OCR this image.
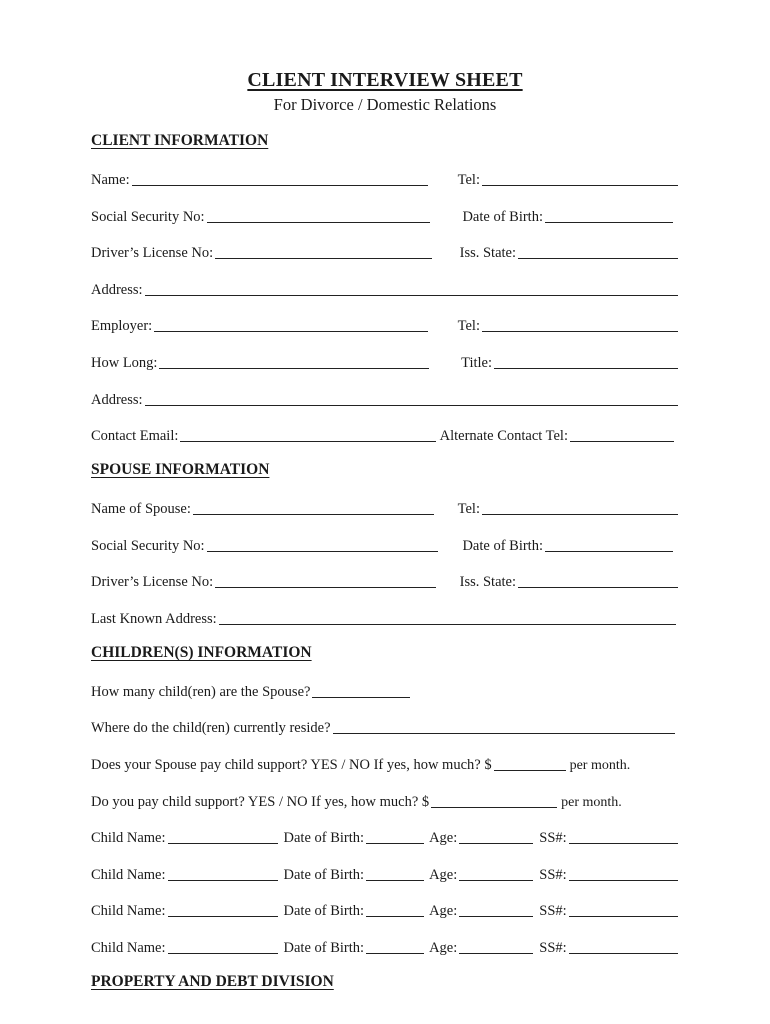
CLIENT INTERVIEW SHEET
For Divorce / Domestic Relations
CLIENT INFORMATION
Name:	Tel:
Social Security No:	Date of Birth:
Driver’s License No:	Iss. State:
Address:
Employer:	Tel:
How Long:	Title:
Address:
Contact Email:	Alternate Contact Tel:
SPOUSE INFORMATION
Name of Spouse:	Tel:
Social Security No:	Date of Birth:
Driver’s License No:	Iss. State:
Last Known Address:
CHILDREN(S) INFORMATION
How many child(ren) are the Spouse?
Where do the child(ren) currently reside?
Does your Spouse pay child support? YES / NO If yes, how much? $	per month.
Do you pay child support? YES / NO If yes, how much? $	per month.
Child Name:	Date of Birth:	Age:	SS#:
Child Name:	Date of Birth:	Age:	SS#:
Child Name:	Date of Birth:	Age:	SS#:
Child Name:	Date of Birth:	Age:	SS#:
PROPERTY AND DEBT DIVISION
